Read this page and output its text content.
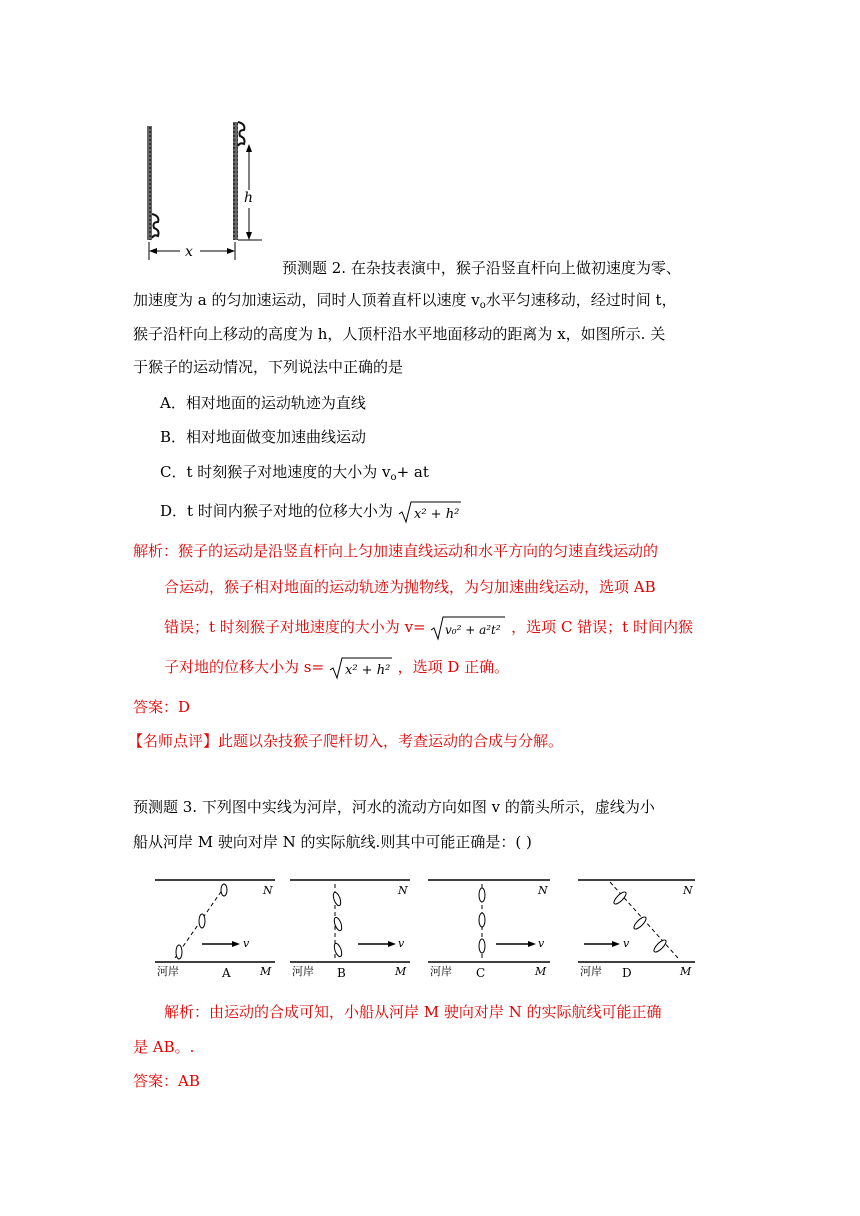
h
x
预测题 2. 在杂技表演中，猴子沿竖直杆向上做初速度为零、
加速度为 a 的匀加速运动，同时人顶着直杆以速度 $v_o$水平匀速移动，经过时间 t，
猴子沿杆向上移动的高度为 h，人顶杆沿水平地面移动的距离为 x，如图所示. 关
于猴子的运动情况，下列说法中正确的是
A．相对地面的运动轨迹为直线
B．相对地面做变加速曲线运动
C．t 时刻猴子对地速度的大小为 $v_o+$ at
D．t 时间内猴子对地的位移大小为 x² + h²
解析：猴子的运动是沿竖直杆向上匀加速直线运动和水平方向的匀速直线运动的
合运动，猴子相对地面的运动轨迹为抛物线，为匀加速曲线运动，选项 AB
错误；t 时刻猴子对地速度的大小为 v= v₀² + a²t² ，选项 C 错误；t 时间内猴
子对地的位移大小为 s= x² + h² ，选项 D 正确。
答案：D
【名师点评】此题以杂技猴子爬杆切入，考查运动的合成与分解。
预测题 3. 下列图中实线为河岸，河水的流动方向如图 v 的箭头所示，虚线为小
船从河岸 M 驶向对岸 N 的实际航线.则其中可能正确是：( )
N
M
河岸	A
v
N
M
河岸 B
v
N
M
河岸 C
v
N
M
河岸 D
v
解析：由运动的合成可知，小船从河岸 M 驶向对岸 N 的实际航线可能正确
是 AB。.
答案：AB
